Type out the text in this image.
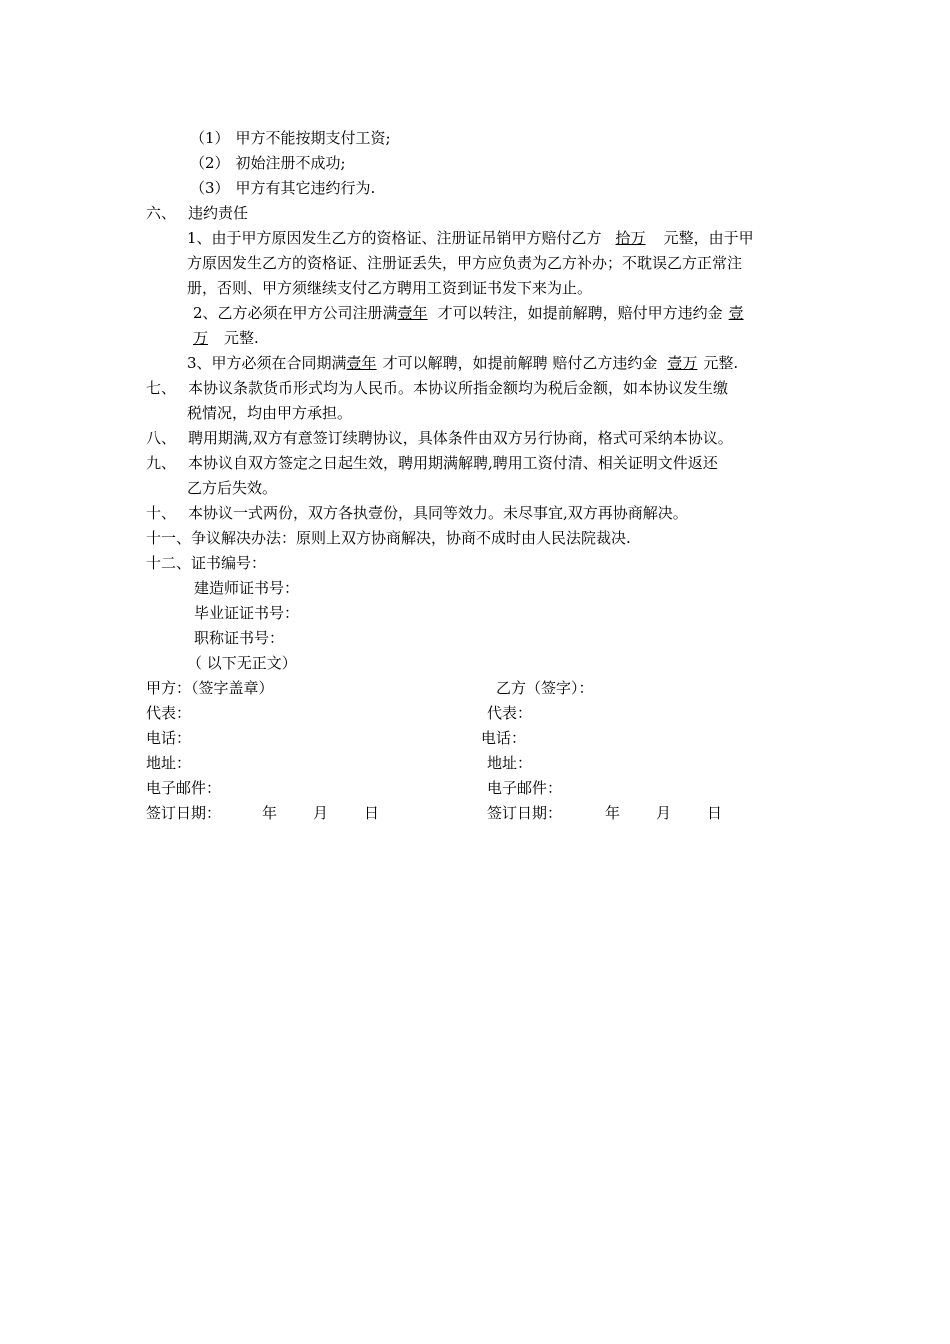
（1） 甲方不能按期支付工资;
（2） 初始注册不成功;
（3） 甲方有其它违约行为.
六、 违约责任
1、由于甲方原因发生乙方的资格证、注册证吊销甲方赔付乙方 拾万 元整，由于甲
方原因发生乙方的资格证、注册证丢失，甲方应负责为乙方补办；不耽误乙方正常注
册，否则、甲方须继续支付乙方聘用工资到证书发下来为止。
2、乙方必须在甲方公司注册满壹年 才可以转注，如提前解聘，赔付甲方违约金 壹
万 元整.
3、甲方必须在合同期满壹年 才可以解聘，如提前解聘 赔付乙方违约金 壹万 元整.
七、 本协议条款货币形式均为人民币。本协议所指金额均为税后金额，如本协议发生缴
税情况，均由甲方承担。
八、 聘用期满,双方有意签订续聘协议，具体条件由双方另行协商，格式可采纳本协议。
九、 本协议自双方签定之日起生效，聘用期满解聘,聘用工资付清、相关证明文件返还
乙方后失效。
十、 本协议一式两份，双方各执壹份，具同等效力。未尽事宜,双方再协商解决。
十一、争议解决办法：原则上双方协商解决，协商不成时由人民法院裁决.
十二、证书编号：
建造师证书号：
毕业证证书号：
职称证书号：
（ 以下无正文）
甲方：（签字盖章）
代表：
电话：
地址：
电子邮件：
签订日期：	年 月 日
乙方（签字）：
代表：
电话：
地址：
电子邮件：
签订日期：	年 月 日
